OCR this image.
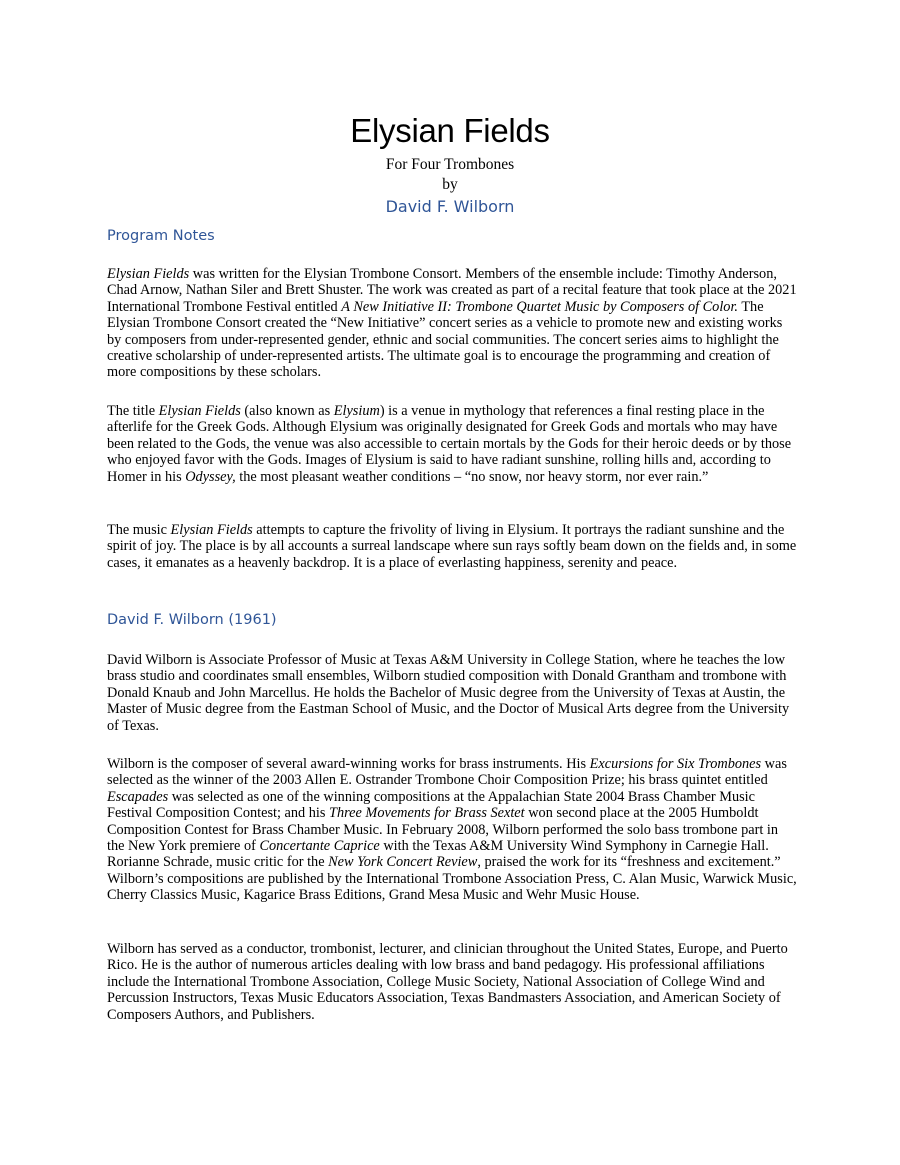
Elysian Fields
For Four Trombones
by
David F. Wilborn
Program Notes

Elysian Fields was written for the Elysian Trombone Consort. Members of the ensemble include: Timothy Anderson, Chad Arnow, Nathan Siler and Brett Shuster. The work was created as part of a recital feature that took place at the 2021 International Trombone Festival entitled A New Initiative II: Trombone Quartet Music by Composers of Color. The Elysian Trombone Consort created the “New Initiative” concert series as a vehicle to promote new and existing works by composers from under-represented gender, ethnic and social communities. The concert series aims to highlight the creative scholarship of under-represented artists. The ultimate goal is to encourage the programming and creation of more compositions by these scholars.

The title Elysian Fields (also known as Elysium) is a venue in mythology that references a final resting place in the afterlife for the Greek Gods. Although Elysium was originally designated for Greek Gods and mortals who may have been related to the Gods, the venue was also accessible to certain mortals by the Gods for their heroic deeds or by those who enjoyed favor with the Gods. Images of Elysium is said to have radiant sunshine, rolling hills and, according to Homer in his Odyssey, the most pleasant weather conditions – “no snow, nor heavy storm, nor ever rain.”

The music Elysian Fields attempts to capture the frivolity of living in Elysium. It portrays the radiant sunshine and the spirit of joy. The place is by all accounts a surreal landscape where sun rays softly beam down on the fields and, in some cases, it emanates as a heavenly backdrop. It is a place of everlasting happiness, serenity and peace.

David F. Wilborn (1961)

David Wilborn is Associate Professor of Music at Texas A&M University in College Station, where he teaches the low brass studio and coordinates small ensembles, Wilborn studied composition with Donald Grantham and trombone with Donald Knaub and John Marcellus. He holds the Bachelor of Music degree from the University of Texas at Austin, the Master of Music degree from the Eastman School of Music, and the Doctor of Musical Arts degree from the University of Texas.

Wilborn is the composer of several award-winning works for brass instruments. His Excursions for Six Trombones was selected as the winner of the 2003 Allen E. Ostrander Trombone Choir Composition Prize; his brass quintet entitled Escapades was selected as one of the winning compositions at the Appalachian State 2004 Brass Chamber Music Festival Composition Contest; and his Three Movements for Brass Sextet won second place at the 2005 Humboldt Composition Contest for Brass Chamber Music. In February 2008, Wilborn performed the solo bass trombone part in the New York premiere of Concertante Caprice with the Texas A&M University Wind Symphony in Carnegie Hall. Rorianne Schrade, music critic for the New York Concert Review, praised the work for its “freshness and excitement.” Wilborn’s compositions are published by the International Trombone Association Press, C. Alan Music, Warwick Music, Cherry Classics Music, Kagarice Brass Editions, Grand Mesa Music and Wehr Music House.

Wilborn has served as a conductor, trombonist, lecturer, and clinician throughout the United States, Europe, and Puerto Rico. He is the author of numerous articles dealing with low brass and band pedagogy. His professional affiliations include the International Trombone Association, College Music Society, National Association of College Wind and Percussion Instructors, Texas Music Educators Association, Texas Bandmasters Association, and American Society of Composers Authors, and Publishers.
